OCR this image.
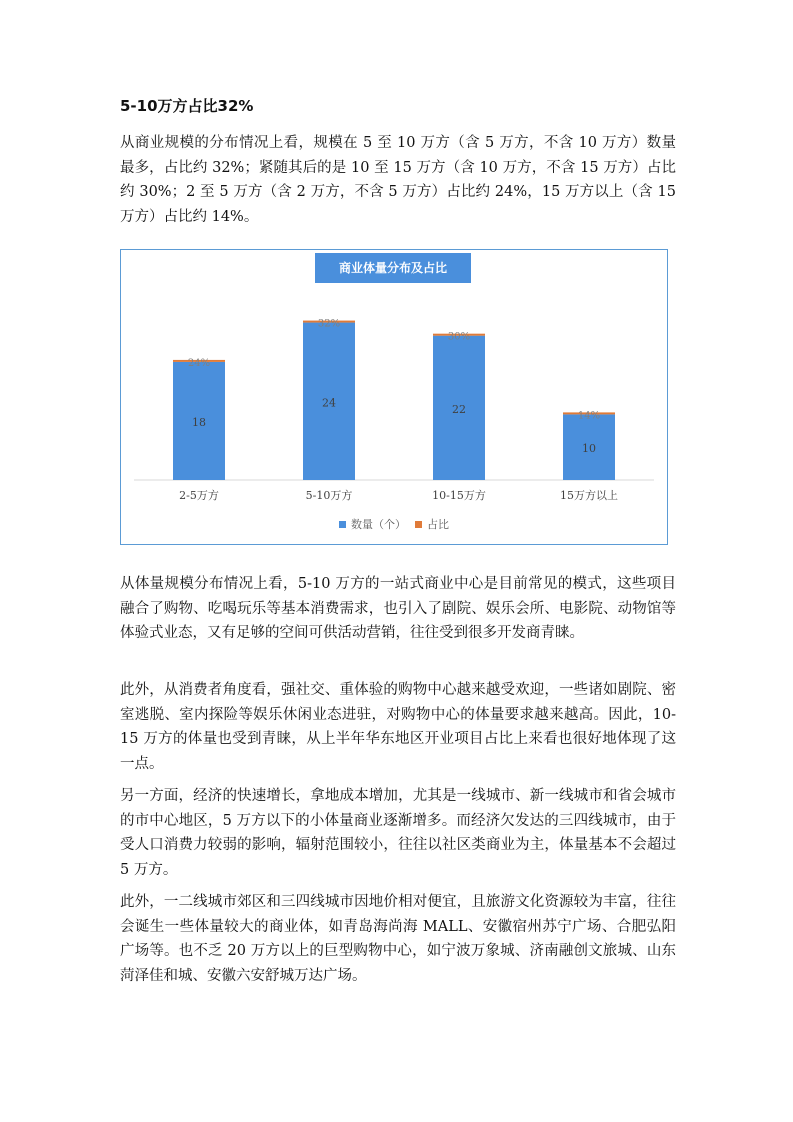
5-10万方占比32%

从商业规模的分布情况上看，规模在 5 至 10 万方（含 5 万方，不含 10 万方）数量最多，占比约 32%；紧随其后的是 10 至 15 万方（含 10 万方，不含 15 万方）占比约 30%；2 至 5 万方（含 2 万方，不含 5 万方）占比约 24%，15 万方以上（含 15 万方）占比约 14%。

18
24%
2-5万方
24
32%
5-10万方
22
30%
10-15万方
10
14%
15万方以上
数量（个） 占比
商业体量分布及占比

从体量规模分布情况上看，5-10 万方的一站式商业中心是目前常见的模式，这些项目融合了购物、吃喝玩乐等基本消费需求，也引入了剧院、娱乐会所、电影院、动物馆等体验式业态，又有足够的空间可供活动营销，往往受到很多开发商青睐。

此外，从消费者角度看，强社交、重体验的购物中心越来越受欢迎，一些诸如剧院、密室逃脱、室内探险等娱乐休闲业态进驻，对购物中心的体量要求越来越高。因此，10-15 万方的体量也受到青睐，从上半年华东地区开业项目占比上来看也很好地体现了这一点。

另一方面，经济的快速增长，拿地成本增加，尤其是一线城市、新一线城市和省会城市的市中心地区，5 万方以下的小体量商业逐渐增多。而经济欠发达的三四线城市，由于受人口消费力较弱的影响，辐射范围较小，往往以社区类商业为主，体量基本不会超过 5 万方。

此外，一二线城市郊区和三四线城市因地价相对便宜，且旅游文化资源较为丰富，往往会诞生一些体量较大的商业体，如青岛海尚海 MALL、安徽宿州苏宁广场、合肥弘阳广场等。也不乏 20 万方以上的巨型购物中心，如宁波万象城、济南融创文旅城、山东菏泽佳和城、安徽六安舒城万达广场。
